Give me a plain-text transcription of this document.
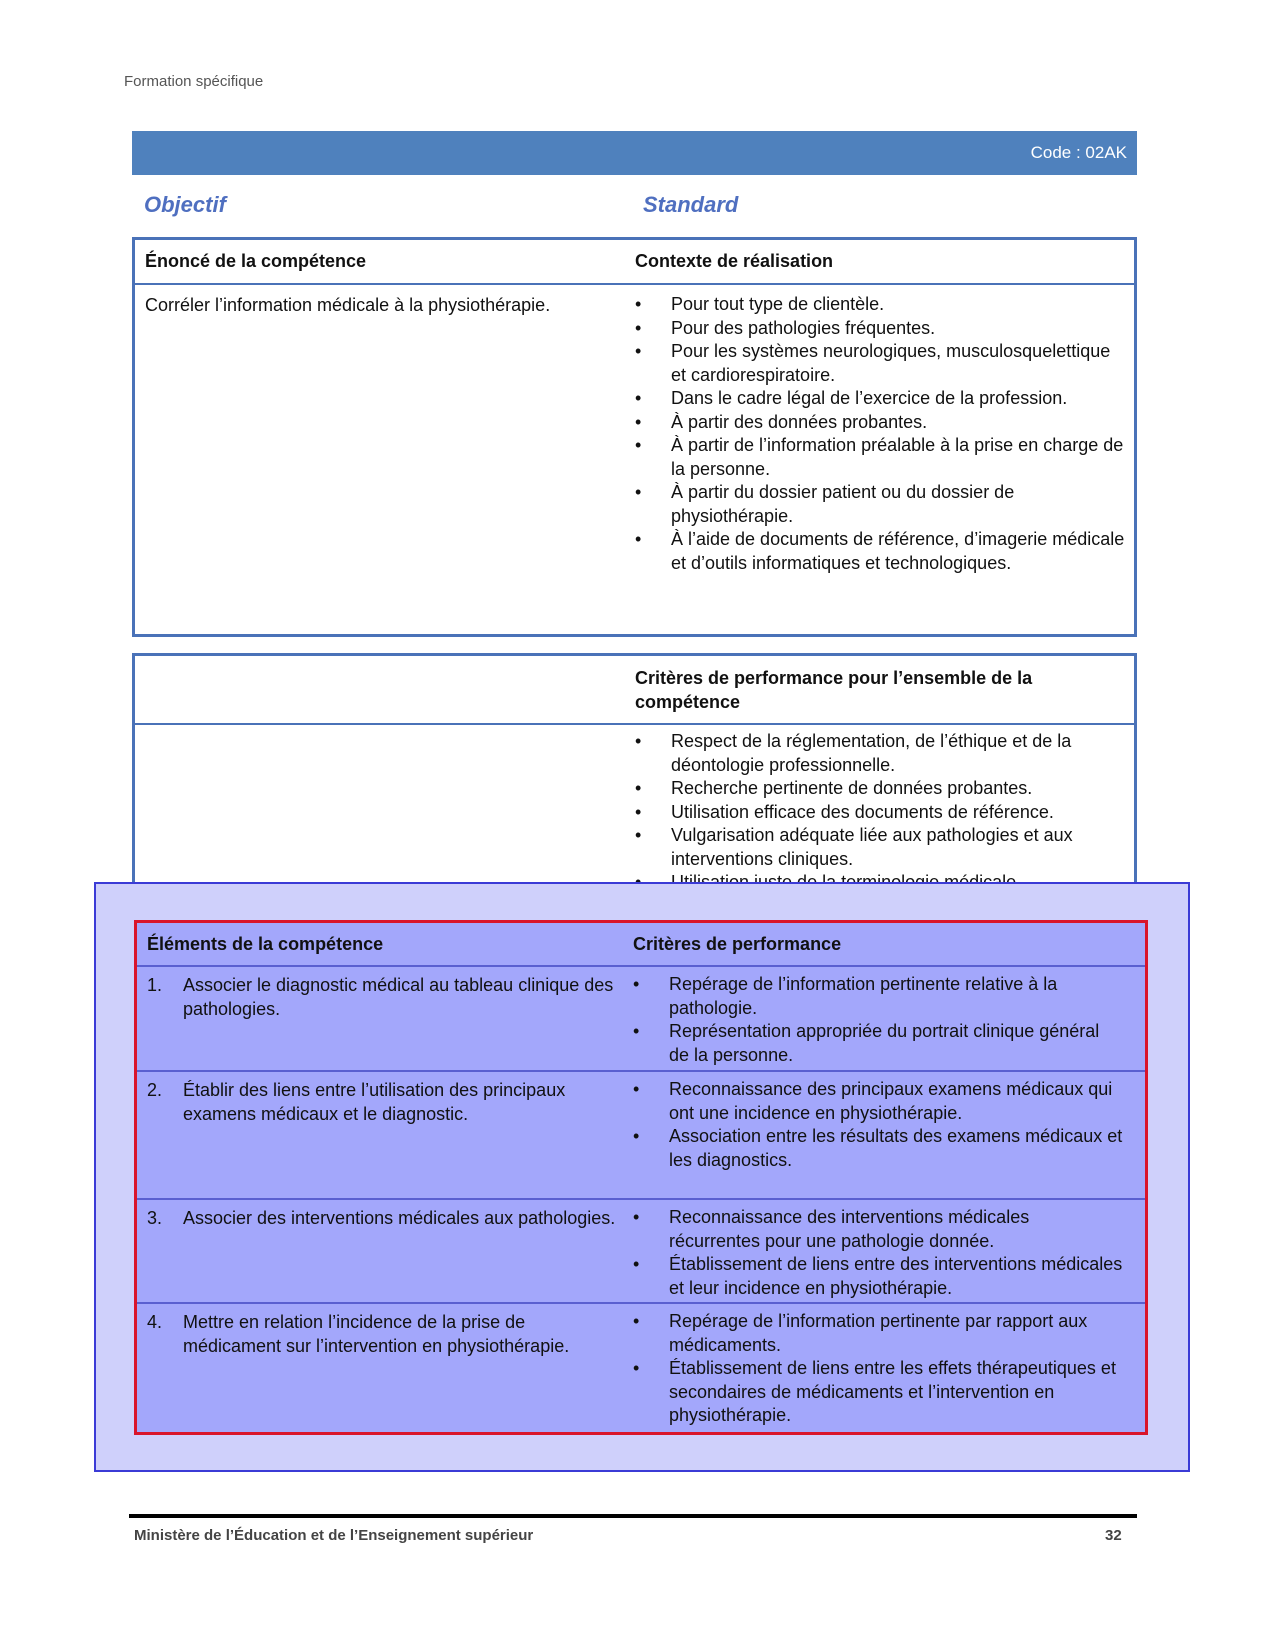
Formation spécifique
Code : 02AK
Objectif	Standard
Énoncé de la compétence	Contexte de réalisation
Corréler l’information médicale à la physiothérapie.	• Pour tout type de clientèle.
• Pour des pathologies fréquentes.
• Pour les systèmes neurologiques, musculosquelettique et cardiorespiratoire.
• Dans le cadre légal de l’exercice de la profession.
• À partir des données probantes.
• À partir de l’information préalable à la prise en charge de la personne.
• À partir du dossier patient ou du dossier de physiothérapie.
• À l’aide de documents de référence, d’imagerie médicale et d’outils informatiques et technologiques.
Critères de performance pour l’ensemble de la compétence
• Respect de la réglementation, de l’éthique et de la déontologie professionnelle.
• Recherche pertinente de données probantes.
• Utilisation efficace des documents de référence.
• Vulgarisation adéquate liée aux pathologies et aux interventions cliniques.
•
Éléments de la compétence	Critères de performance
1. Associer le diagnostic médical au tableau clinique des pathologies.
• Repérage de l’information pertinente relative à la pathologie.
• Représentation appropriée du portrait clinique général de la personne.
2. Établir des liens entre l’utilisation des principaux examens médicaux et le diagnostic.
• Reconnaissance des principaux examens médicaux qui ont une incidence en physiothérapie.
• Association entre les résultats des examens médicaux et les diagnostics.
3. Associer des interventions médicales aux pathologies.	• Reconnaissance des interventions médicales récurrentes pour une pathologie donnée.
• Établissement de liens entre des interventions médicales et leur incidence en physiothérapie.
4. Mettre en relation l’incidence de la prise de médicament sur l’intervention en physiothérapie.
• Repérage de l’information pertinente par rapport aux médicaments.
• Établissement de liens entre les effets thérapeutiques et secondaires de médicaments et l’intervention en physiothérapie.
Ministère de l’Éducation et de l’Enseignement supérieur	32
